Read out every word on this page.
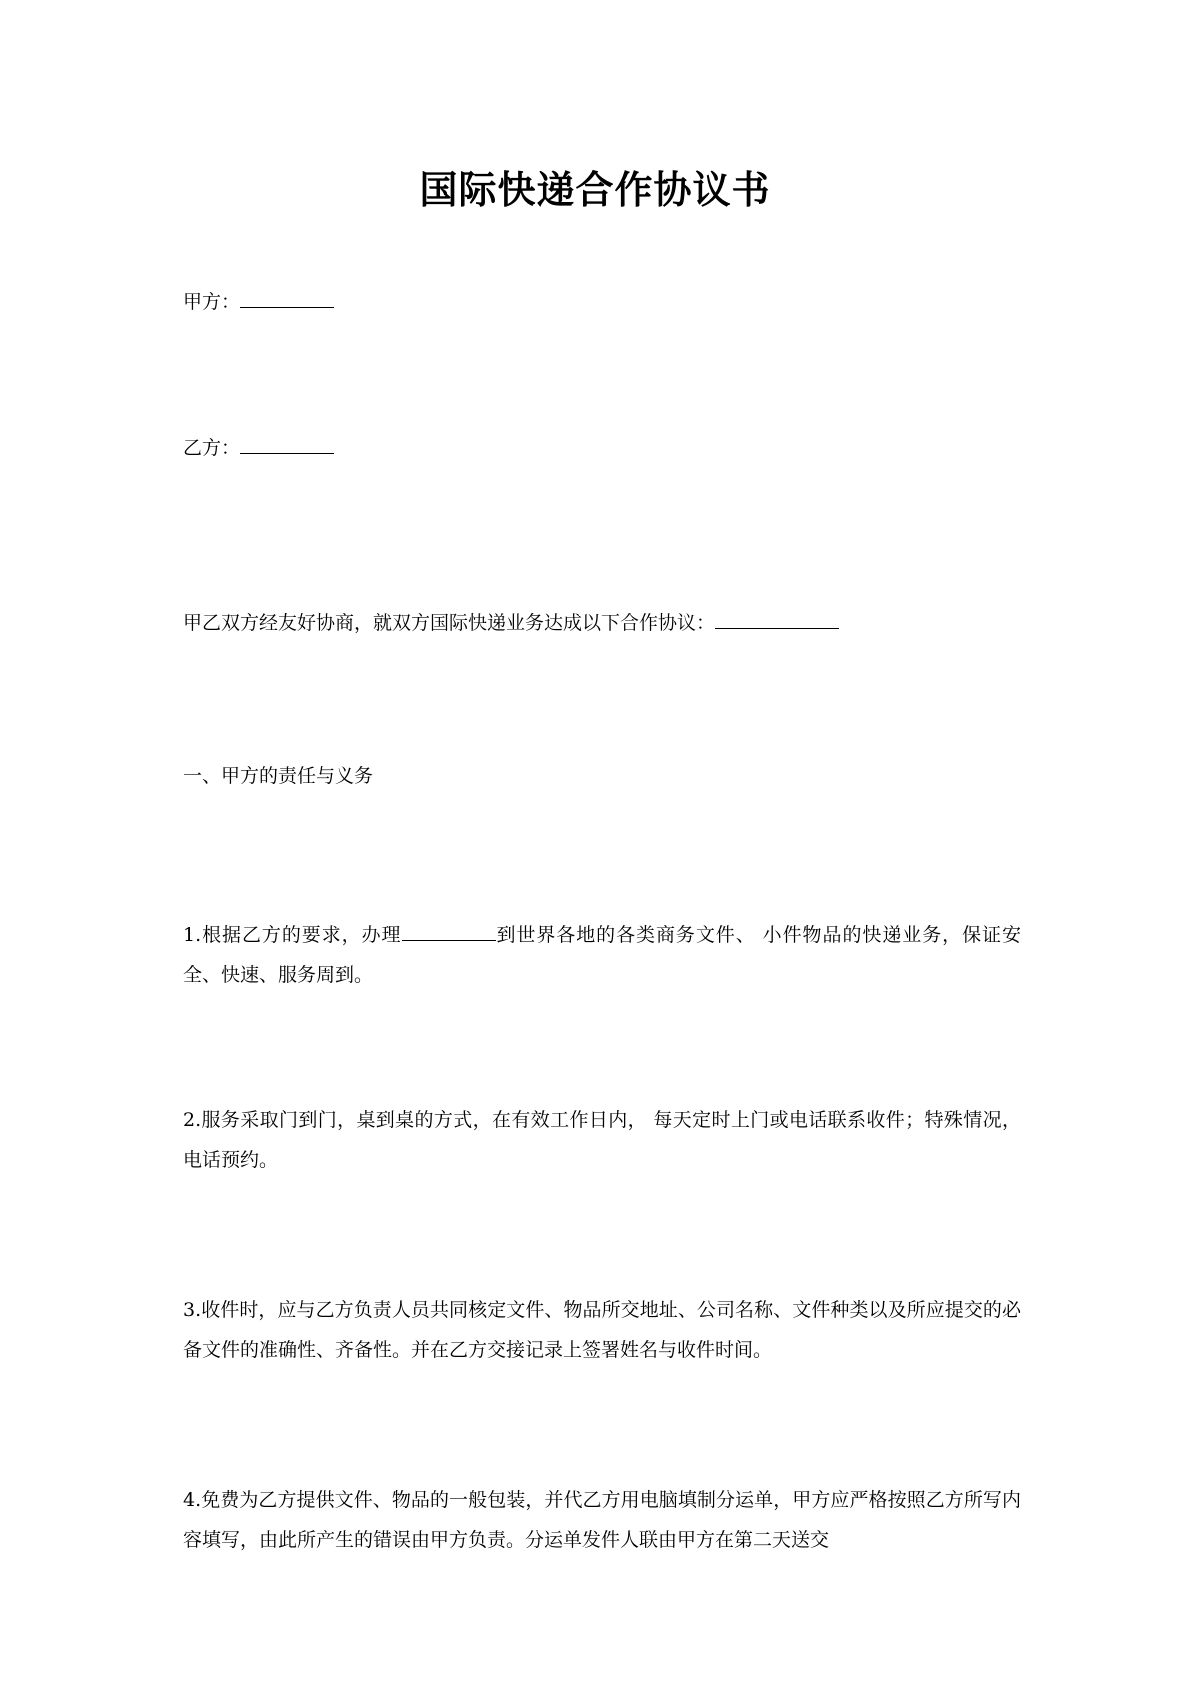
国际快递合作协议书
甲方：
乙方：
甲乙双方经友好协商，就双方国际快递业务达成以下合作协议：
一、甲方的责任与义务
1.根据乙方的要求，办理	到世界各地的各类商务文件、 小件物品的快递业务，保证安全、快速、服务周到。
2.服务采取门到门，桌到桌的方式，在有效工作日内， 每天定时上门或电话联系收件；特殊情况，电话预约。
3.收件时，应与乙方负责人员共同核定文件、物品所交地址、公司名称、文件种类以及所应提交的必备文件的准确性、齐备性。并在乙方交接记录上签署姓名与收件时间。
4.免费为乙方提供文件、物品的一般包装，并代乙方用电脑填制分运单，甲方应严格按照乙方所写内容填写，由此所产生的错误由甲方负责。分运单发件人联由甲方在第二天送交
